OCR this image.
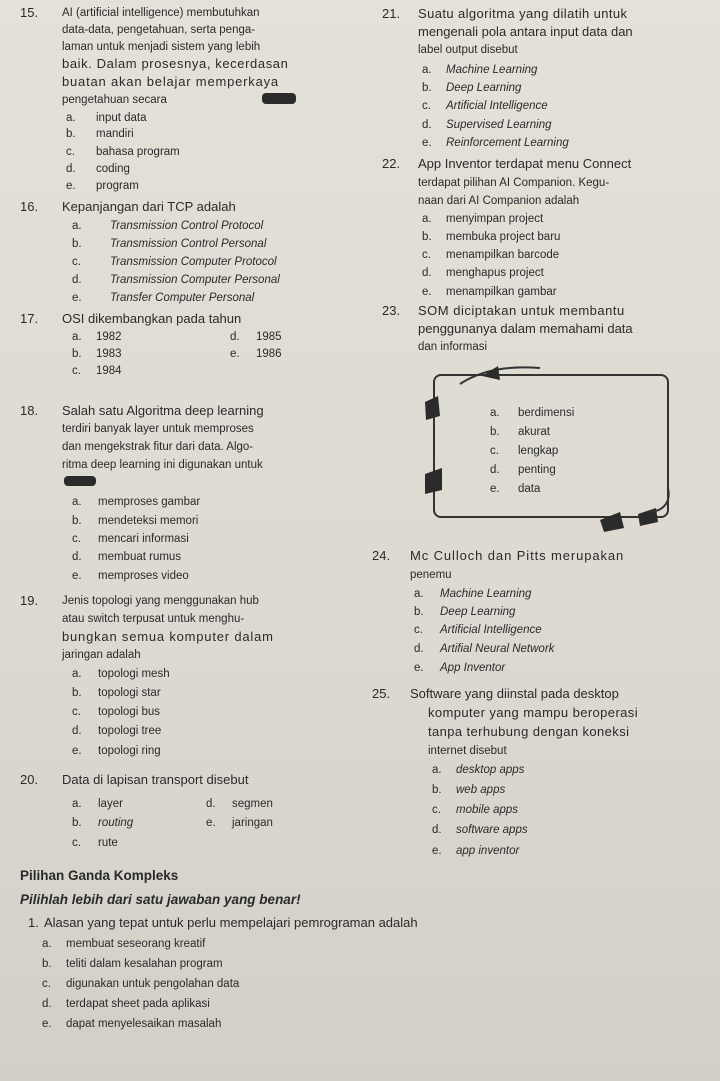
15. AI (artificial intelligence) membutuhkan
data-data, pengetahuan, serta penga-
laman untuk menjadi sistem yang lebih
baik. Dalam prosesnya, kecerdasan
buatan akan belajar memperkaya
pengetahuan secara
a. input data
b. mandiri
c. bahasa program
d. coding
e. program
16. Kepanjangan dari TCP adalah
a. Transmission Control Protocol
b. Transmission Control Personal
c.	Transmission Computer Protocol
d. Transmission Computer Personal
e. Transfer Computer Personal
17. OSI dikembangkan pada tahun
a. 1982
b. 1983
c. 1984
d. 1985
e. 1986
18. Salah satu Algoritma deep learning
terdiri banyak layer untuk memproses
dan mengekstrak fitur dari data. Algo-
ritma deep learning ini digunakan untuk
a. memproses gambar
b. mendeteksi memori
c. mencari informasi
d. membuat rumus
e. memproses video
19. Jenis topologi yang menggunakan hub
atau switch terpusat untuk menghu-
bungkan semua komputer dalam
jaringan adalah
a. topologi mesh
b. topologi star
c. topologi bus
d. topologi tree
e. topologi ring
20. Data di lapisan transport disebut
a. layer
b. routing
c. rute
d. segmen
e. jaringan
21. Suatu algoritma yang dilatih untuk
mengenali pola antara input data dan
label output disebut
a. Machine Learning
b. Deep Learning
c. Artificial Intelligence
d. Supervised Learning
e. Reinforcement Learning
22. App Inventor terdapat menu Connect
terdapat pilihan AI Companion. Kegu-
naan dari AI Companion adalah
a. menyimpan project
b. membuka project baru
c. menampilkan barcode
d. menghapus project
e. menampilkan gambar
23. SOM diciptakan untuk membantu
penggunanya dalam memahami data
dan informasi
a. berdimensi
b. akurat
c. lengkap
d. penting
e. data
24. Mc Culloch dan Pitts merupakan
penemu
a. Machine Learning
b. Deep Learning
c. Artificial Intelligence
d. Artifial Neural Network
e. App Inventor
25. Software yang diinstal pada desktop
komputer yang mampu beroperasi
tanpa terhubung dengan koneksi
internet disebut
a. desktop apps
b. web apps
c. mobile apps
d. software apps
e. app inventor
Pilihan Ganda Kompleks
Pilihlah lebih dari satu jawaban yang benar!
1. Alasan yang tepat untuk perlu mempelajari pemrograman adalah
a. membuat seseorang kreatif
b. teliti dalam kesalahan program
c. digunakan untuk pengolahan data
d. terdapat sheet pada aplikasi
e. dapat menyelesaikan masalah
